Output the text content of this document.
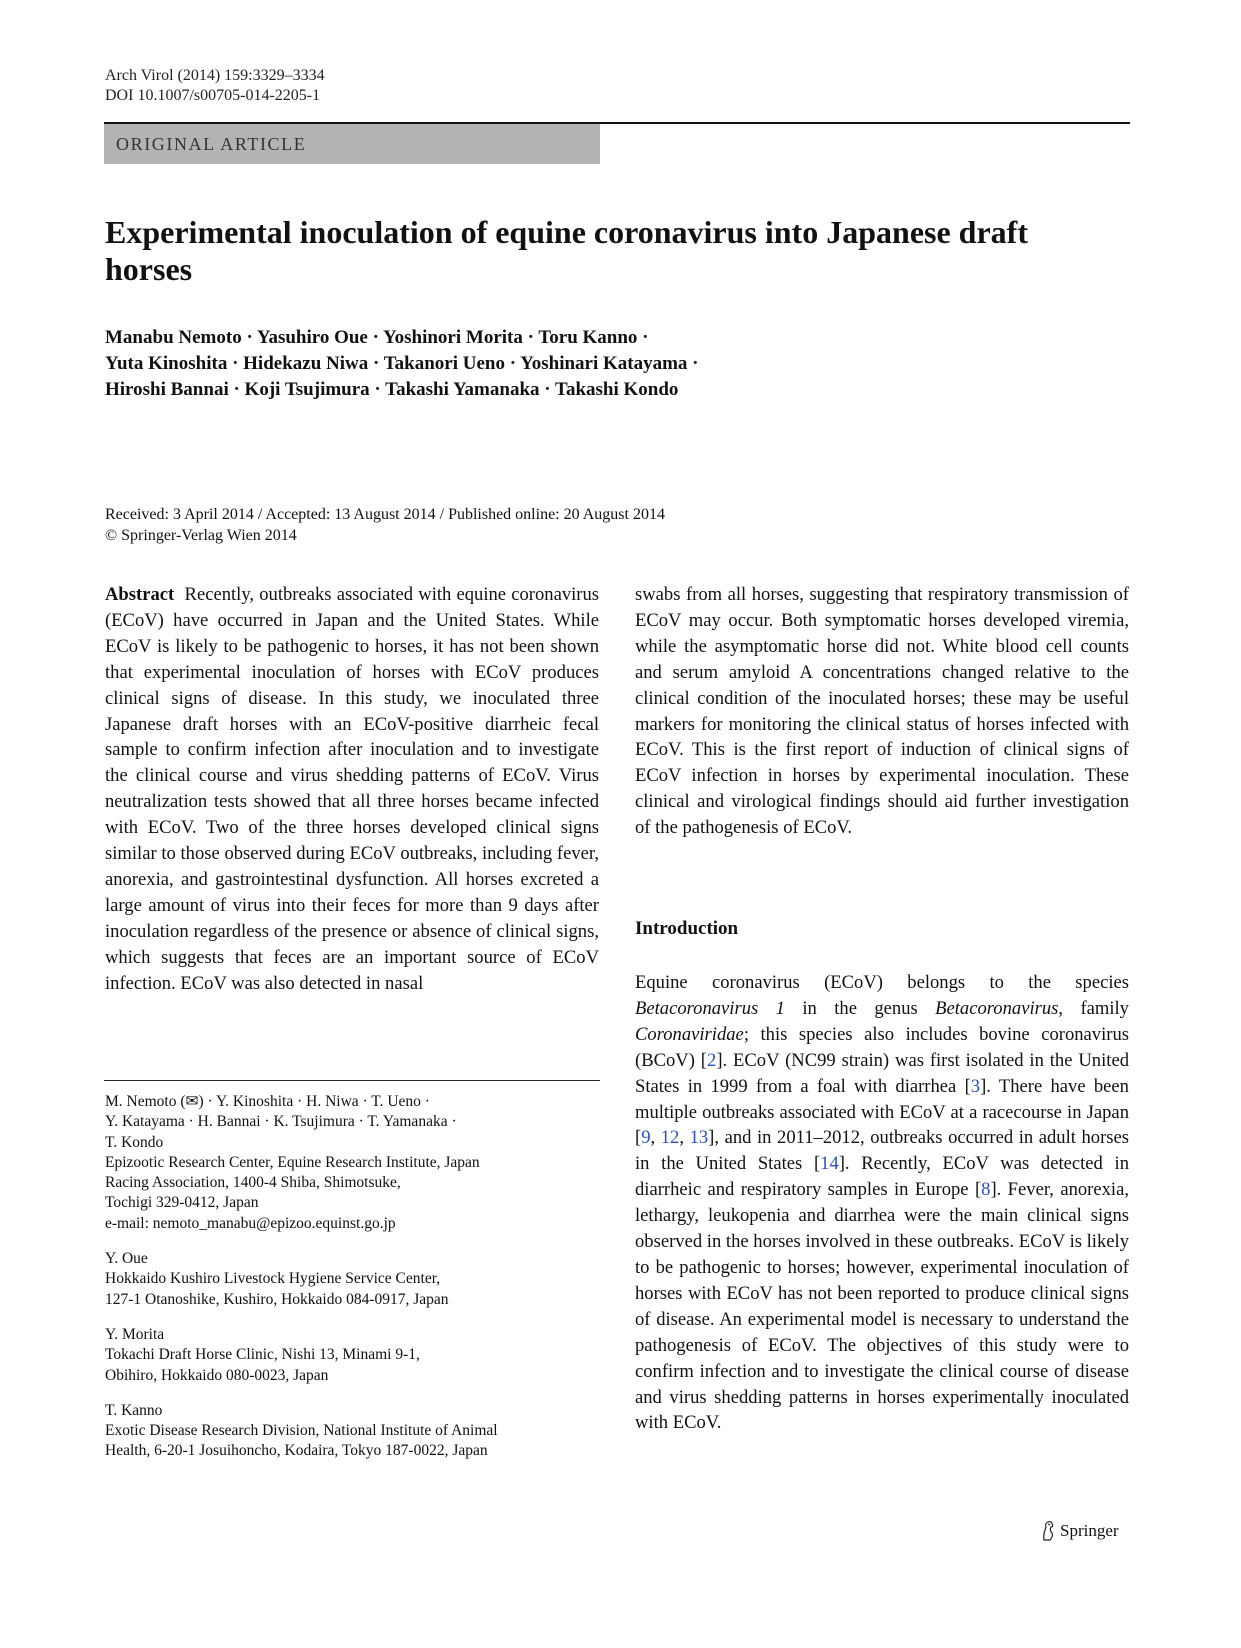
Arch Virol (2014) 159:3329–3334
DOI 10.1007/s00705-014-2205-1
ORIGINAL ARTICLE
Experimental inoculation of equine coronavirus into Japanese draft horses
Manabu Nemoto · Yasuhiro Oue · Yoshinori Morita · Toru Kanno ·
Yuta Kinoshita · Hidekazu Niwa · Takanori Ueno · Yoshinari Katayama ·
Hiroshi Bannai · Koji Tsujimura · Takashi Yamanaka · Takashi Kondo
Received: 3 April 2014 / Accepted: 13 August 2014 / Published online: 20 August 2014
© Springer-Verlag Wien 2014
Abstract Recently, outbreaks associated with equine coronavirus (ECoV) have occurred in Japan and the United States. While ECoV is likely to be pathogenic to horses, it has not been shown that experimental inoculation of horses with ECoV produces clinical signs of disease. In this study, we inoculated three Japanese draft horses with an ECoV-positive diarrheic fecal sample to confirm infection after inoculation and to investigate the clinical course and virus shedding patterns of ECoV. Virus neutralization tests showed that all three horses became infected with ECoV. Two of the three horses developed clinical signs similar to those observed during ECoV outbreaks, including fever, anorexia, and gastrointestinal dysfunction. All horses excreted a large amount of virus into their feces for more than 9 days after inoculation regardless of the presence or absence of clinical signs, which suggests that feces are an important source of ECoV infection. ECoV was also detected in nasal
swabs from all horses, suggesting that respiratory transmission of ECoV may occur. Both symptomatic horses developed viremia, while the asymptomatic horse did not. White blood cell counts and serum amyloid A concentrations changed relative to the clinical condition of the inoculated horses; these may be useful markers for monitoring the clinical status of horses infected with ECoV. This is the first report of induction of clinical signs of ECoV infection in horses by experimental inoculation. These clinical and virological findings should aid further investigation of the pathogenesis of ECoV.
Introduction
Equine coronavirus (ECoV) belongs to the species Betacoronavirus 1 in the genus Betacoronavirus, family Coronaviridae; this species also includes bovine coronavirus (BCoV) [2]. ECoV (NC99 strain) was first isolated in the United States in 1999 from a foal with diarrhea [3]. There have been multiple outbreaks associated with ECoV at a racecourse in Japan [9, 12, 13], and in 2011–2012, outbreaks occurred in adult horses in the United States [14]. Recently, ECoV was detected in diarrheic and respiratory samples in Europe [8]. Fever, anorexia, lethargy, leukopenia and diarrhea were the main clinical signs observed in the horses involved in these outbreaks. ECoV is likely to be pathogenic to horses; however, experimental inoculation of horses with ECoV has not been reported to produce clinical signs of disease. An experimental model is necessary to understand the pathogenesis of ECoV. The objectives of this study were to confirm infection and to investigate the clinical course of disease and virus shedding patterns in horses experimentally inoculated with ECoV.

M. Nemoto (✉) · Y. Kinoshita · H. Niwa · T. Ueno ·
Y. Katayama · H. Bannai · K. Tsujimura · T. Yamanaka ·
T. Kondo
Epizootic Research Center, Equine Research Institute, Japan
Racing Association, 1400-4 Shiba, Shimotsuke,
Tochigi 329-0412, Japan
e-mail: nemoto_manabu@epizoo.equinst.go.jp

Y. Oue
Hokkaido Kushiro Livestock Hygiene Service Center,
127-1 Otanoshike, Kushiro, Hokkaido 084-0917, Japan

Y. Morita
Tokachi Draft Horse Clinic, Nishi 13, Minami 9-1,
Obihiro, Hokkaido 080-0023, Japan

T. Kanno
Exotic Disease Research Division, National Institute of Animal
Health, 6-20-1 Josuihoncho, Kodaira, Tokyo 187-0022, Japan

Springer
